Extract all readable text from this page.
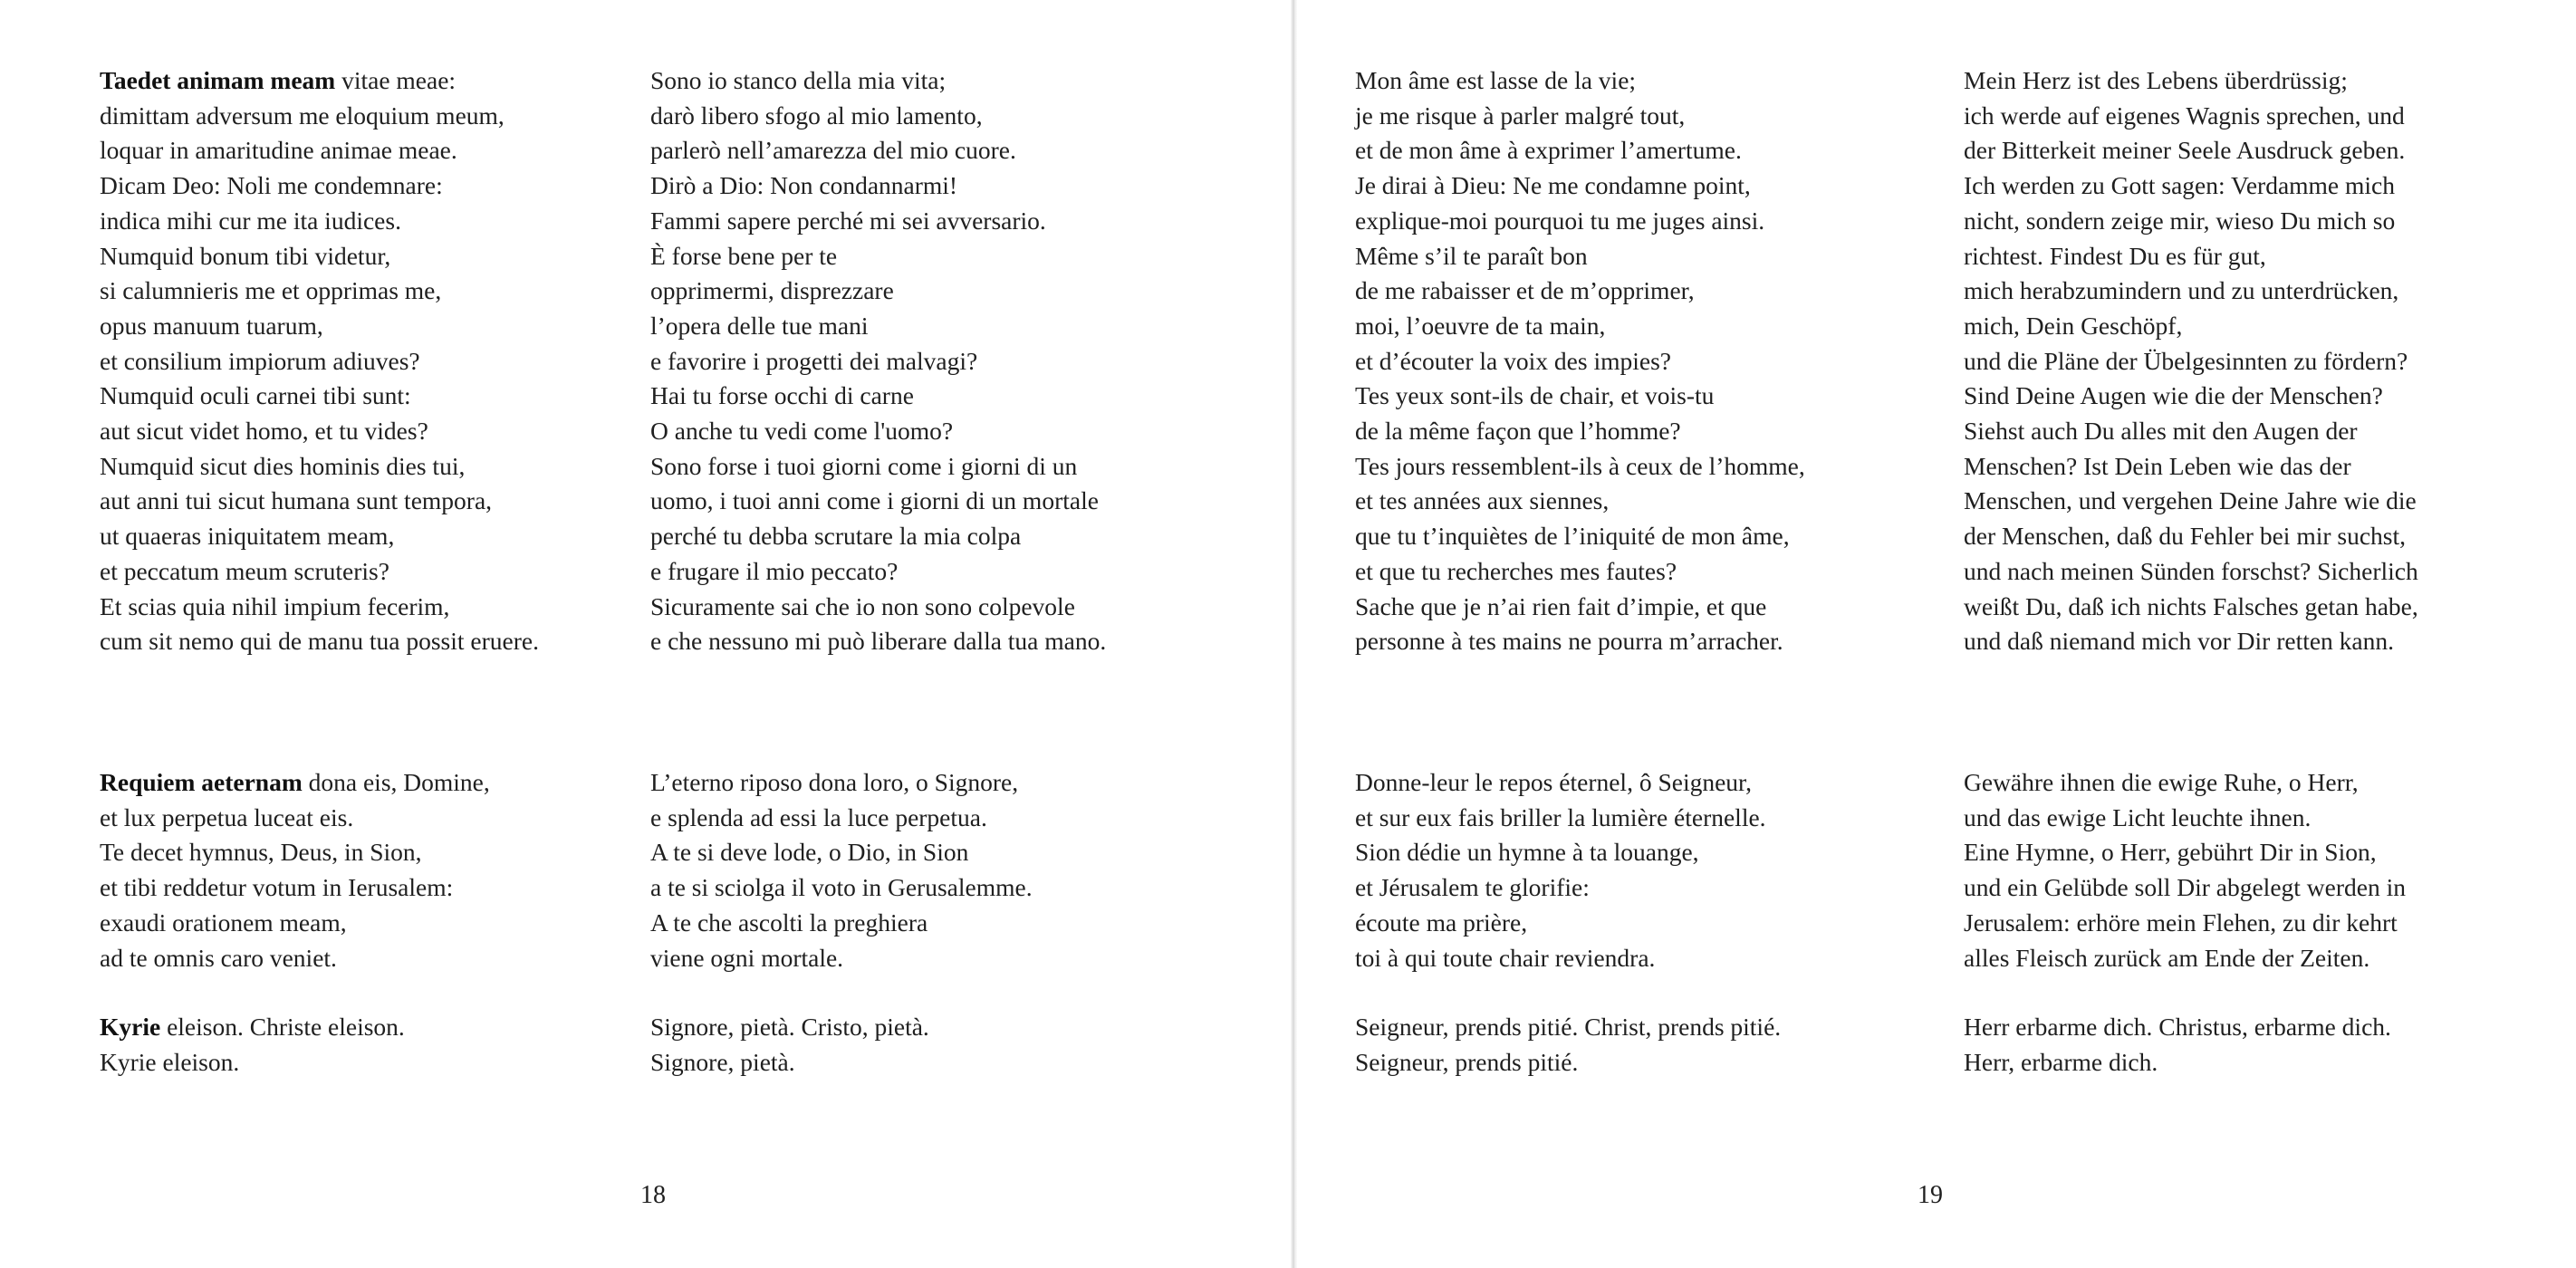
Taedet animam meam vitae meae:

dimittam adversum me eloquium meum,

loquar in amaritudine animae meae.

Dicam Deo: Noli me condemnare:

indica mihi cur me ita iudices.

Numquid bonum tibi videtur,

si calumnieris me et opprimas me,

opus manuum tuarum,

et consilium impiorum adiuves?

Numquid oculi carnei tibi sunt:

aut sicut videt homo, et tu vides?

Numquid sicut dies hominis dies tui,

aut anni tui sicut humana sunt tempora,

ut quaeras iniquitatem meam,

et peccatum meum scruteris?

Et scias quia nihil impium fecerim,

cum sit nemo qui de manu tua possit eruere.

Sono io stanco della mia vita;

darò libero sfogo al mio lamento,

parlerò nell’amarezza del mio cuore.

Dirò a Dio: Non condannarmi!

Fammi sapere perché mi sei avversario.

È forse bene per te

opprimermi, disprezzare

l’opera delle tue mani

e favorire i progetti dei malvagi?

Hai tu forse occhi di carne

O anche tu vedi come l'uomo?

Sono forse i tuoi giorni come i giorni di un

uomo, i tuoi anni come i giorni di un mortale

perché tu debba scrutare la mia colpa

e frugare il mio peccato?

Sicuramente sai che io non sono colpevole

e che nessuno mi può liberare dalla tua mano.

Requiem aeternam dona eis, Domine,

et lux perpetua luceat eis.

Te decet hymnus, Deus, in Sion,

et tibi reddetur votum in Ierusalem:

exaudi orationem meam,

ad te omnis caro veniet.

Kyrie eleison. Christe eleison.

Kyrie eleison.

L’eterno riposo dona loro, o Signore,

e splenda ad essi la luce perpetua.

A te si deve lode, o Dio, in Sion

a te si sciolga il voto in Gerusalemme.

A te che ascolti la preghiera

viene ogni mortale.

Signore, pietà. Cristo, pietà.

Signore, pietà.

18	19

Mon âme est lasse de la vie;

je me risque à parler malgré tout,

et de mon âme à exprimer l’amertume.

Je dirai à Dieu: Ne me condamne point,

explique-moi pourquoi tu me juges ainsi.

Même s’il te paraît bon

de me rabaisser et de m’opprimer,

moi, l’oeuvre de ta main,

et d’écouter la voix des impies?

Tes yeux sont-ils de chair, et vois-tu

de la même façon que l’homme?

Tes jours ressemblent-ils à ceux de l’homme,

et tes années aux siennes,

que tu t’inquiètes de l’iniquité de mon âme,

et que tu recherches mes fautes?

Sache que je n’ai rien fait d’impie, et que

personne à tes mains ne pourra m’arracher.

Mein Herz ist des Lebens überdrüssig;

ich werde auf eigenes Wagnis sprechen, und

der Bitterkeit meiner Seele Ausdruck geben.

Ich werden zu Gott sagen: Verdamme mich

nicht, sondern zeige mir, wieso Du mich so

richtest. Findest Du es für gut,

mich herabzumindern und zu unterdrücken,

mich, Dein Geschöpf,

und die Pläne der Übelgesinnten zu fördern?

Sind Deine Augen wie die der Menschen?

Siehst auch Du alles mit den Augen der

Menschen? Ist Dein Leben wie das der

Menschen, und vergehen Deine Jahre wie die

der Menschen, daß du Fehler bei mir suchst,

und nach meinen Sünden forschst? Sicherlich

weißt Du, daß ich nichts Falsches getan habe,

und daß niemand mich vor Dir retten kann.

Donne-leur le repos éternel, ô Seigneur,

et sur eux fais briller la lumière éternelle.

Sion dédie un hymne à ta louange,

et Jérusalem te glorifie:

écoute ma prière,

toi à qui toute chair reviendra.

Seigneur, prends pitié. Christ, prends pitié.

Seigneur, prends pitié.

Gewähre ihnen die ewige Ruhe, o Herr,

und das ewige Licht leuchte ihnen.

Eine Hymne, o Herr, gebührt Dir in Sion,

und ein Gelübde soll Dir abgelegt werden in

Jerusalem: erhöre mein Flehen, zu dir kehrt

alles Fleisch zurück am Ende der Zeiten.

Herr erbarme dich. Christus, erbarme dich.

Herr, erbarme dich.
